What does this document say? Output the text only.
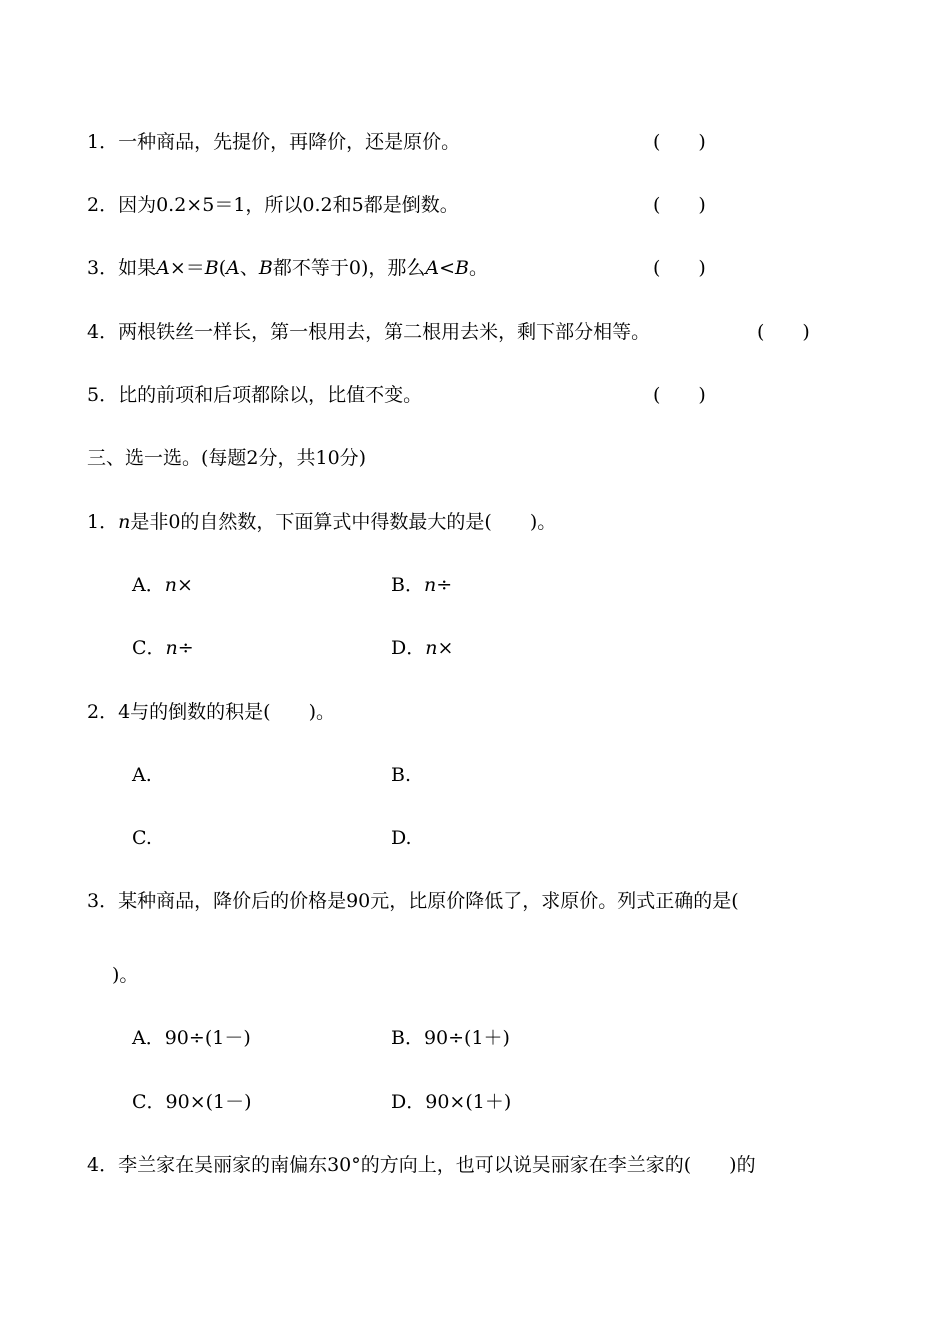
1．一种商品，先提价，再降价，还是原价。	(　　)
2．因为0.2×5＝1，所以0.2和5都是倒数。	(　　)
3．如果A×＝B(A、B都不等于0)，那么A<B。	(　　)
4．两根铁丝一样长，第一根用去，第二根用去米，剩下部分相等。	(　　)
5．比的前项和后项都除以，比值不变。	(　　)
三、选一选。(每题2分，共10分)
1．n是非0的自然数，下面算式中得数最大的是(　　)。
A．n×	B．n÷
C．n÷	D．n×
2．4与的倒数的积是(　　)。
A.	B.
C.	D.
3．某种商品，降价后的价格是90元，比原价降低了，求原价。列式正确的是(
)。
A．90÷(1－)	B．90÷(1＋)
C．90×(1－)	D．90×(1＋)
4．李兰家在吴丽家的南偏东30°的方向上，也可以说吴丽家在李兰家的(　　)的
